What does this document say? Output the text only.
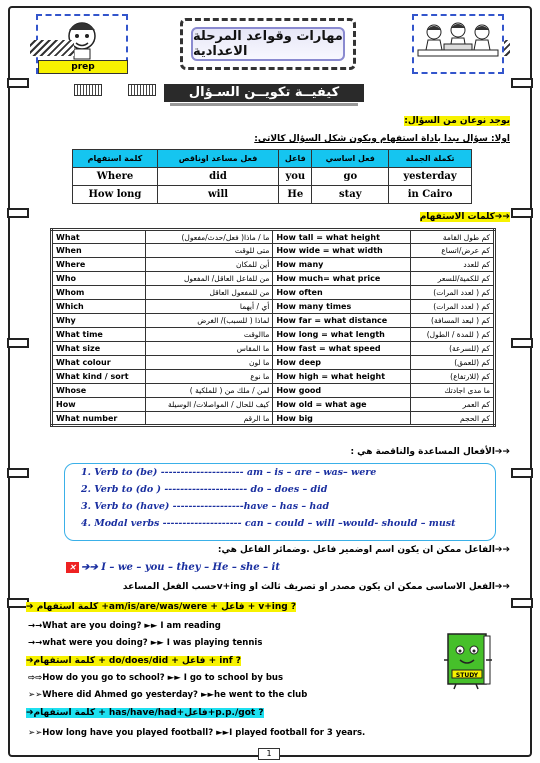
prep
مهارات وقواعد المرحلة الاعدادية
كيفيــة تكويــن السـؤال
يوجد نوعان من السؤال:
اولا: سؤال يبدا باداة استفهام ويكون شكل السؤال كالاتى:
كلمة استفهام	فعل مساعد اوناقص	فاعل	فعل اساسي	تكملة الجملة
Where	did	you	go	yesterday
How long	will	He	stay	in Cairo
➔➔كلمات الاستفهام
What	ما / ماذا( فعل/حدث/مفعول)	How tall = what height	كم طول القامة
When	متى للوقت	How wide = what width	كم عرض/اتساع
Where	أين للمكان	How many	كم للعدد
Who	من للفاعل العاقل/ المفعول	How much= what price	كم للكمية/للسعر
Whom	من للمفعول العاقل	How often	كم ( لعدد المرات)
Which	أي / أيهما	How many times	كم ( لعدد المرات)
Why	لماذا ( للسبب)/ الغرض	How far = what distance	كم ( لبعد المسافة)
What time	ماالوقت	How long = what length	كم ( للمدة / الطول)
What size	ما المقاس	How fast = what speed	كم (للسرعة)
What colour	ما لون	How deep	كم (للعمق)
What kind / sort	ما نوع	How high = what height	كم (للارتفاع)
Whose	لمن / ملك من ( للملكية )	How good	ما مدى اجادتك
How	كيف للحال / المواصلات/ الوسيلة	How old = what age	كم العمر
What number	ما الرقم	How big	كم الحجم
➔➔الأفعال المساعدة والناقصة هي :
1. Verb to (be) --------------------- am – is – are – was– were
2. Verb to (do ) --------------------- do – does – did
3. Verb to (have) ------------------have – has – had
4. Modal verbs -------------------- can – could – will –would- should – must
➔➔الفاعل ممكن ان يكون اسم اوضمير فاعل .وضمائر الفاعل هي:
✕ ➔➔ I – we – you – they – He – she – it
➔➔الفعل الاساسى ممكن ان يكون مصدر او تصريف ثالث او v+ingحسب الفعل المساعد
➔ كلمة استفهام +am/is/are/was/were + فاعل + v+ing ?
→→What are you doing? ►► I am reading
→→what were you doing? ►► I was playing tennis
➔كلمة استفهام + do/does/did + فاعل + inf ?
⇨⇨How do you go to school? ►► I go to school by bus
➢➢Where did Ahmed go yesterday? ►►he went to the club
➔كلمة استفهام + has/have/had+فاعل+p.p./got ?
➢➢How long have you played football? ►►I played football for 3 years.
STUDY
1
